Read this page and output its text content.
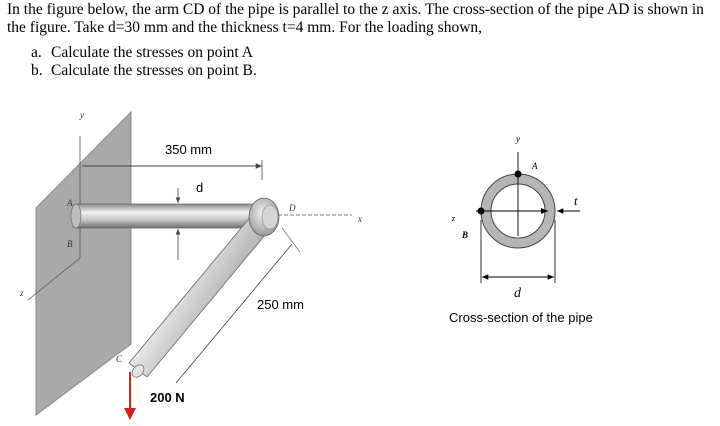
In the figure below, the arm CD of the pipe is parallel to the z axis. The cross-section of the pipe AD is shown in the figure. Take d=30 mm and the thickness t=4 mm. For the loading shown,

a. Calculate the stresses on point A
b. Calculate the stresses on point B.
350 mm
d
D
A
B
C
250 mm
200 N
y
x
z
y
z
A
B
t
d
Cross-section of the pipe
